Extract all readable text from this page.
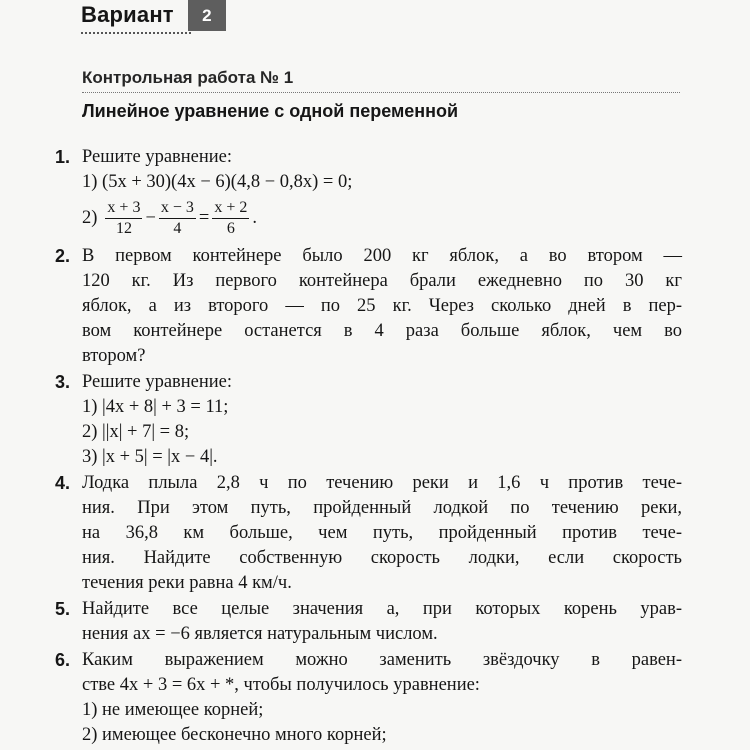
Вариант	2
Контрольная работа № 1
Линейное уравнение с одной переменной
1. Решите уравнение:
1) (5x + 30)(4x − 6)(4,8 − 0,8x) = 0;
$2) \frac{x + 3}{12} - \frac{x - 3}{4} = \frac{x + 2}{6}$ .
2. В первом контейнере было 200 кг яблок, а во втором —
120 кг. Из первого контейнера брали ежедневно по 30 кг
яблок, а из второго — по 25 кг. Через сколько дней в пер-
вом контейнере останется в 4 раза больше яблок, чем во
втором?
3. Решите уравнение:
1) |4x + 8| + 3 = 11;
2) ||x| + 7| = 8;
3) |x + 5| = |x − 4|.
4. Лодка плыла 2,8 ч по течению реки и 1,6 ч против тече-
ния. При этом путь, пройденный лодкой по течению реки,
на 36,8 км больше, чем путь, пройденный против тече-
ния. Найдите собственную скорость лодки, если скорость
течения реки равна 4 км/ч.
5. Найдите все целые значения a, при которых корень урав-
нения ax = −6 является натуральным числом.
6. Каким выражением можно заменить звёздочку в равен-
стве 4x + 3 = 6x + *, чтобы получилось уравнение:
1) не имеющее корней;
2) имеющее бесконечно много корней;
